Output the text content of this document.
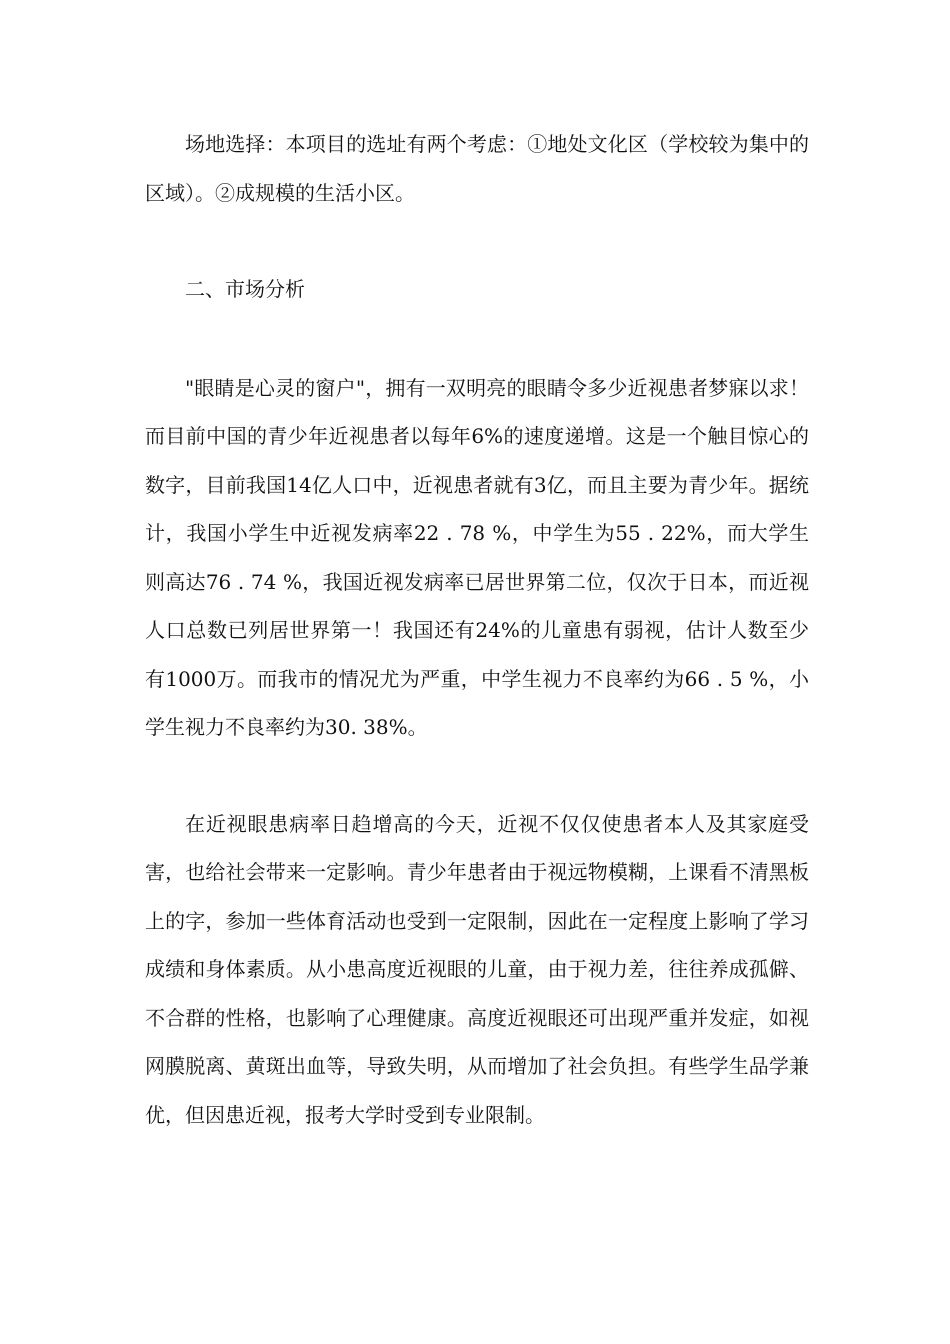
场地选择：本项目的选址有两个考虑：①地处文化区（学校较为集中的区域）。②成规模的生活小区。

二、市场分析

"眼睛是心灵的窗户"，拥有一双明亮的眼睛令多少近视患者梦寐以求！而目前中国的青少年近视患者以每年6%的速度递增。这是一个触目惊心的数字，目前我国14亿人口中，近视患者就有3亿，而且主要为青少年。据统计，我国小学生中近视发病率22 . 78 %，中学生为55 . 22%，而大学生则高达76 . 74 %，我国近视发病率已居世界第二位，仅次于日本，而近视人口总数已列居世界第一！我国还有24%的儿童患有弱视，估计人数至少有1000万。而我市的情况尤为严重，中学生视力不良率约为66 . 5 %，小学生视力不良率约为30. 38%。

在近视眼患病率日趋增高的今天，近视不仅仅使患者本人及其家庭受害，也给社会带来一定影响。青少年患者由于视远物模糊，上课看不清黑板上的字，参加一些体育活动也受到一定限制，因此在一定程度上影响了学习成绩和身体素质。从小患高度近视眼的儿童，由于视力差，往往养成孤僻、不合群的性格，也影响了心理健康。高度近视眼还可出现严重并发症，如视网膜脱离、黄斑出血等，导致失明，从而增加了社会负担。有些学生品学兼优，但因患近视，报考大学时受到专业限制。
